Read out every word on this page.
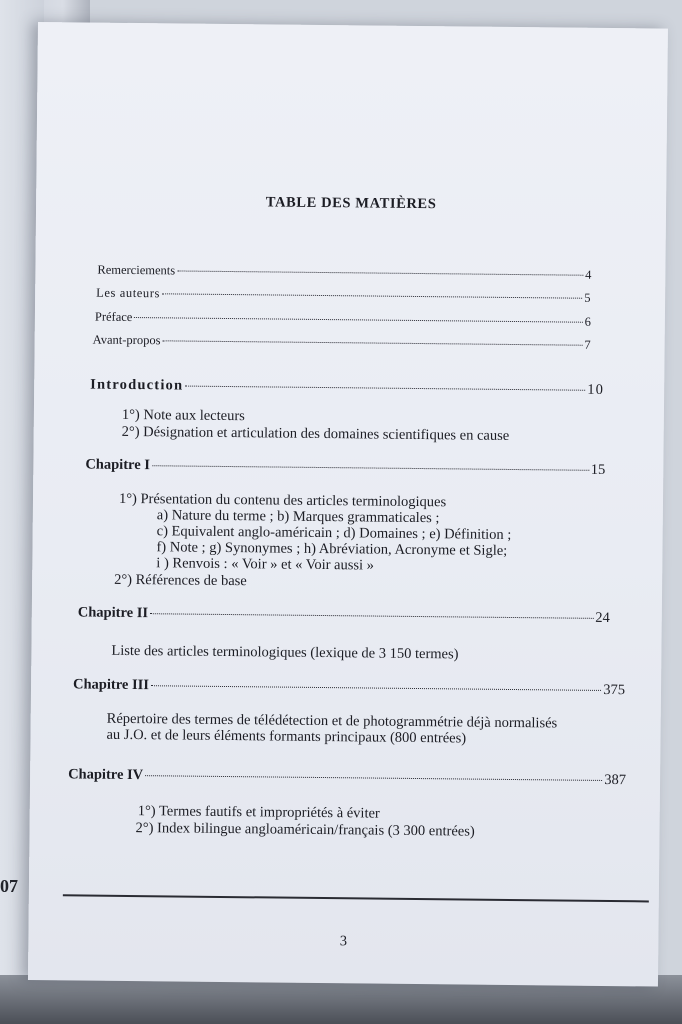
07
TABLE DES MATIÈRES
Remerciements	4
Les auteurs	5
Préface	6
Avant-propos	7
Introduction	10
1°) Note aux lecteurs
2°) Désignation et articulation des domaines scientifiques en cause
Chapitre I	15
1°) Présentation du contenu des articles terminologiques
a) Nature du terme ; b) Marques grammaticales ;
c) Equivalent anglo-américain ; d) Domaines ; e) Définition ;
f) Note ; g) Synonymes ; h) Abréviation, Acronyme et Sigle;
i ) Renvois : « Voir » et « Voir aussi »
2°) Références de base
Chapitre II	24
Liste des articles terminologiques (lexique de 3 150 termes)
Chapitre III	375
Répertoire des termes de télédétection et de photogrammétrie déjà normalisés
au J.O. et de leurs éléments formants principaux (800 entrées)
Chapitre IV	387
1°) Termes fautifs et impropriétés à éviter
2°) Index bilingue angloaméricain/français (3 300 entrées)
3
